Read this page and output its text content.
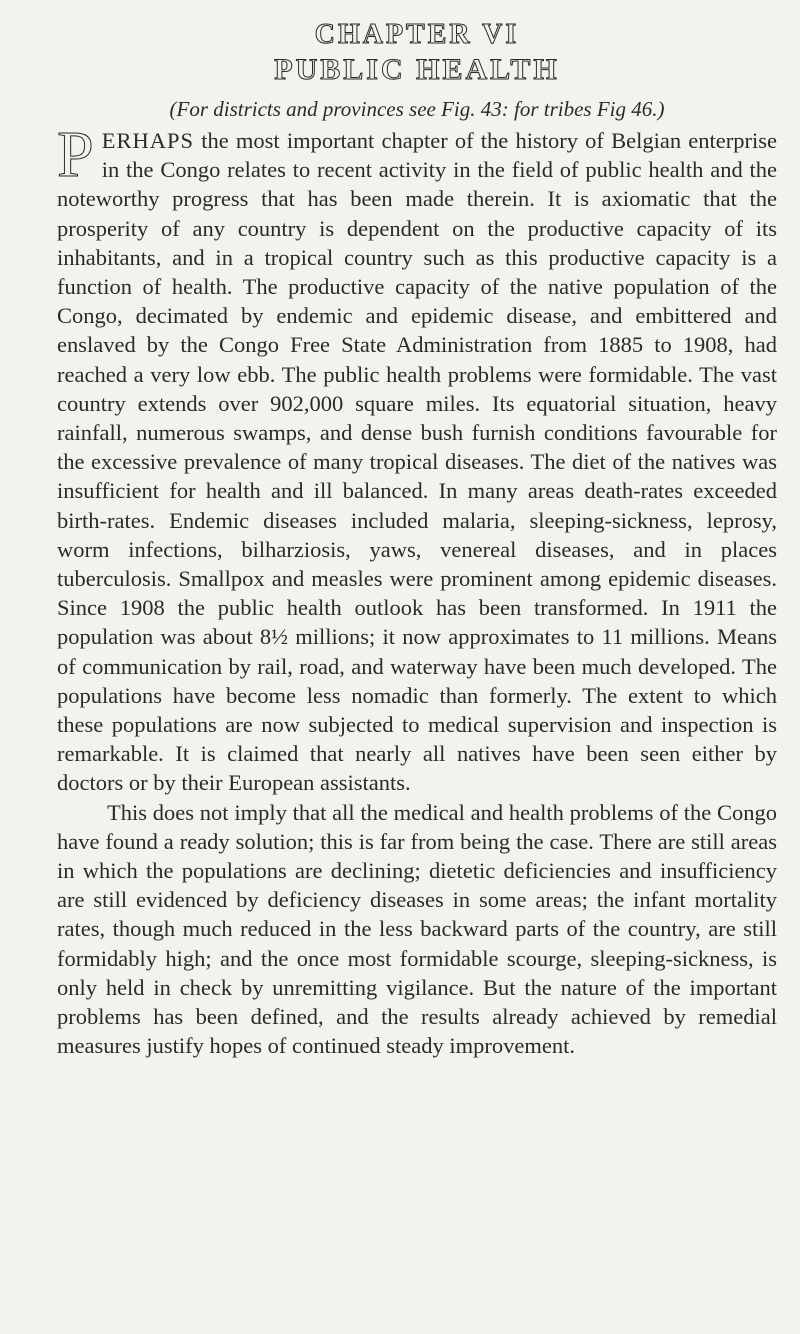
CHAPTER VI
PUBLIC HEALTH

(For districts and provinces see Fig. 43: for tribes Fig 46.)

PERHAPS the most important chapter of the history of Belgian enterprise in the Congo relates to recent activity in the field of public health and the noteworthy progress that has been made therein. It is axiomatic that the prosperity of any country is dependent on the productive capacity of its inhabitants, and in a tropical country such as this productive capacity is a function of health. The productive capacity of the native population of the Congo, decimated by endemic and epidemic disease, and embittered and enslaved by the Congo Free State Administration from 1885 to 1908, had reached a very low ebb. The public health problems were formidable. The vast country extends over 902,000 square miles. Its equatorial situation, heavy rainfall, numerous swamps, and dense bush furnish conditions favourable for the excessive prevalence of many tropical diseases. The diet of the natives was insufficient for health and ill balanced. In many areas death-rates exceeded birth-rates. Endemic diseases included malaria, sleeping-sickness, leprosy, worm infections, bilharziosis, yaws, venereal diseases, and in places tuberculosis. Smallpox and measles were prominent among epidemic diseases. Since 1908 the public health outlook has been transformed. In 1911 the population was about 8½ millions; it now approximates to 11 millions. Means of communication by rail, road, and waterway have been much developed. The populations have become less nomadic than formerly. The extent to which these populations are now subjected to medical supervision and inspection is remarkable. It is claimed that nearly all natives have been seen either by doctors or by their European assistants.

This does not imply that all the medical and health problems of the Congo have found a ready solution; this is far from being the case. There are still areas in which the populations are declining; dietetic deficiencies and insufficiency are still evidenced by deficiency diseases in some areas; the infant mortality rates, though much reduced in the less backward parts of the country, are still formidably high; and the once most formidable scourge, sleeping-sickness, is only held in check by unremitting vigilance. But the nature of the important problems has been defined, and the results already achieved by remedial measures justify hopes of continued steady improvement.
